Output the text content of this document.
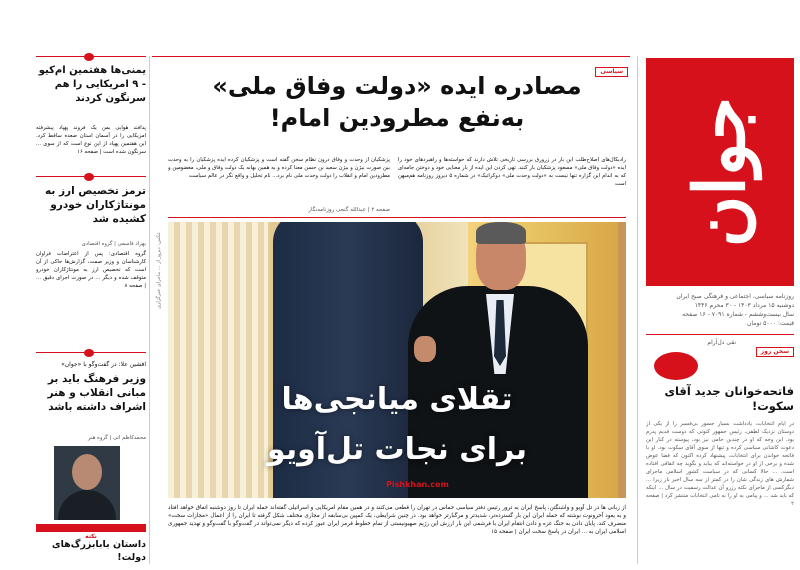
جوان
روزنامه سیاسی، اجتماعی و فرهنگی صبح ایران
دوشنبه ۱۵ مرداد ۱۴۰۳ - ۳۰ محرم ۱۴۴۶
سال بیست‌وششم - شماره ۷۰۹۱ - ۱۶ صفحه
قیمت: ۵۰۰۰ تومان
سخن روز
نقی دل‌آرام
فاتحه‌خوانان جدید آقای سکوت!
در ایام انتخابات، یادداشت بسیار جسور بی‌فسیر را از یکی از دوستان نزدیک لطفی، رئیس جمهور کنونی که دوست قدیم پدرم بود. این وجه که او در چندین حامی نیز بود، پیوسته در کنار این دعوت کاشانی سیاسی کرده و تنها از سوی آقای سکوت بود. او با فاتحه خواندن برای انتخابات، پیشنهاد کرده اکنون که فضا عوض شده و برخی از او در خواسته‌اند که بیاید و بگوید چه اتفاقی افتاده است، ... حالا کسانی که در سیاست کشور اسلامی ماجرای شمارش های زندگی شان را در کمتر از سه سال اخیر بار زیرا ... دیگرکسی از ماجرای نکته رزرو آن عدالت رسمیت در سال ... اینکه که باید شد ... و پیامی به او را به نامی انتخابات منتشر کرد | صفحه ۲
سیاسی
مصادره ایده «دولت وفاق ملی»
به‌نفع مطرودین امام!
رادیکال‌های اصلاح‌طلب این بار در زرورق بررسی تاریخی تلاش دارند که خواسته‌ها و راهبردهای خود را ایده «دولت وفاق ملی» مسعود پزشکیان بار کنند. تهی کردن این ایده از بار معنایی خود و دوختن جامه‌ای که به اندام این گزاره تنها نیست به «دولت وحدت ملی» دوکراتیک» در شماره ۵ دیروز روزنامه هم‌میهن است
پزشکیان از وحدت و وفاق درون نظام سخن گفته است و پزشکیان کرده ایده پزشکیان را به وحدت بین صورت بیژن و بیژن سعید بن حسن معنا کرده و به همین بهانه یک دولت وفاق و ملی، معضومین و مطرودین امام و انقلاب را دولت وحدت ملی نام برد... نام تحلیل و واقع نگر در عالم سیاست
صفحه ۲ | عبدالله گنجی روزنامه‌نگار
تقلای میانجی‌ها
برای نجات تل‌آویو
Pishkhan.com
عکس: دیروز از ... ماجرای خبرگزاری
از زبانی ها در تل آویو و واشنگتن، پاسخ ایران به ترور رئیس دفتر سیاسی حماس در تهران را قطعی می‌کنند و در همین مقام امریکایی و اسرائیلی گفته‌اند حمله ایران تا روز دوشنبه اتفاق خواهد افتاد و به یعود آحرونوت نوشته که حمله ایران این بار گسترده‌تر، شدیدتر و مرگبارتر خواهد بود. در چنین شرایطی، یک کمپین بی‌سابقه از مجاری مختلف شکل گرفته تا ایران را از اعمال «مجازات سخت» منصرف کند. پایان دادن به جنگ غزه و دادن انتقام ایران با فرشمی این بار ارزش این رژیم صهیونیستی از تمام خطوط قرمز ایران عبور کرده که دیگر نمی‌تواند در گفت‌وگو با گفت‌وگو و تهدید جمهوری اسلامی ایران به ... ایران در پاسخ سخت ایران | صفحه ۱۵
یمنی‌ها هفتمین ام‌کیو - ۹ امریکایی را هم سرنگون کردند
پدافند هوایی یمن یک فروند پهپاد پیشرفته امریکایی را در آسمان استان صعده ساقط کرد. این هفتمین پهپاد از این نوع است که از سوی ... سرنگون شده است | صفحه ۱۶
ترمز تخصیص ارز به مونتاژکاران خودرو کشیده شد
بهزاد قاسمی | گروه اقتصادی
گروه اقتصادی: پس از اعتراضات فراوان کارشناسان و وزیر صمت، گزارش‌ها حاکی از آن است که تخصیص ارز به مونتاژکاران خودرو متوقف شده و دیگر ... در صورت اجرای دقیق ... | صفحه ۸
افشین علا: در گفت‌وگو با «جوان»
وزیر فرهنگ باید بر مبانی انقلاب و هنر اشراف داشته باشد
محمدکاظم اتی | گروه هنر
نکته
داستان بابابزرگ‌های دولت!
